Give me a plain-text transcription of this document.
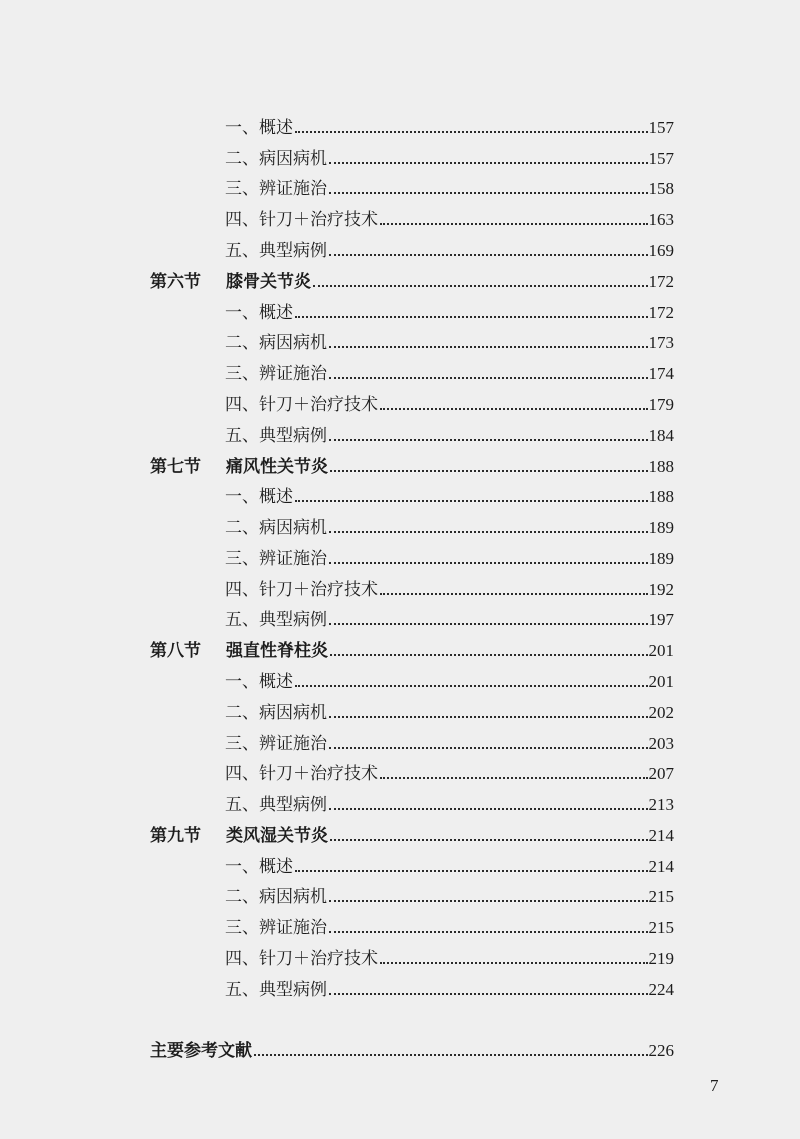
一、概述	157
二、病因病机	157
三、辨证施治	158
四、针刀＋治疗技术	163
五、典型病例	169
第六节	膝骨关节炎	172
一、概述	172
二、病因病机	173
三、辨证施治	174
四、针刀＋治疗技术	179
五、典型病例	184
第七节	痛风性关节炎	188
一、概述	188
二、病因病机	189
三、辨证施治	189
四、针刀＋治疗技术	192
五、典型病例	197
第八节	强直性脊柱炎	201
一、概述	201
二、病因病机	202
三、辨证施治	203
四、针刀＋治疗技术	207
五、典型病例	213
第九节	类风湿关节炎	214
一、概述	214
二、病因病机	215
三、辨证施治	215
四、针刀＋治疗技术	219
五、典型病例	224
主要参考文献	226
7
